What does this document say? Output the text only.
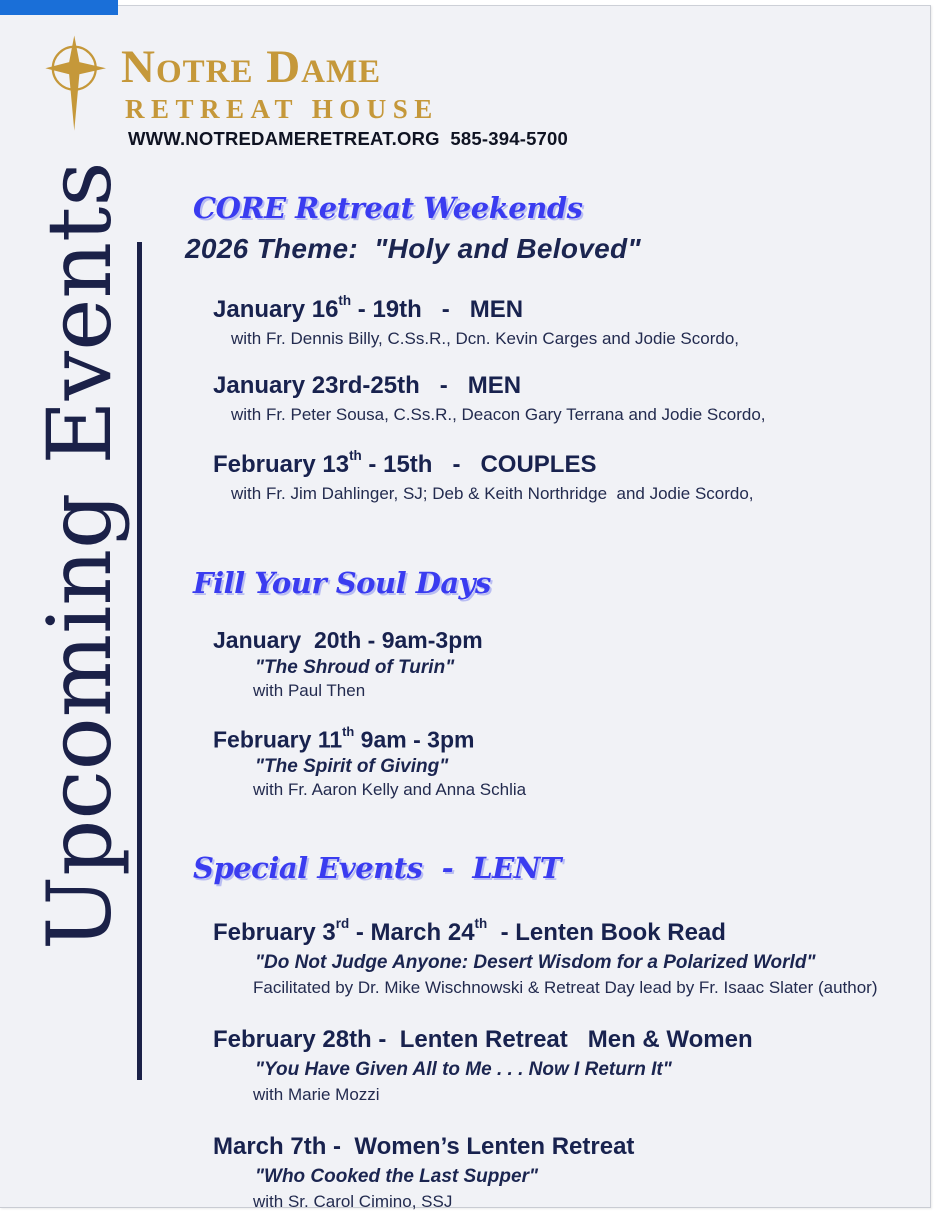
Notre Dame
RETREAT HOUSE
WWW.NOTREDAMERETREAT.ORG  585-394-5700
Upcoming Events CORE Retreat Weekends
2026 Theme:  "Holy and Beloved"
January 16th - 19th   -   MEN
with Fr. Dennis Billy, C.Ss.R., Dcn. Kevin Carges and Jodie Scordo,
January 23rd-25th   -   MEN
with Fr. Peter Sousa, C.Ss.R., Deacon Gary Terrana and Jodie Scordo,
February 13th - 15th   -   COUPLES
with Fr. Jim Dahlinger, SJ; Deb & Keith Northridge  and Jodie Scordo,
Fill Your Soul Days
January  20th - 9am-3pm
"The Shroud of Turin"
with Paul Then
February 11th 9am - 3pm
"The Spirit of Giving"
with Fr. Aaron Kelly and Anna Schlia
Special Events  -  LENT
February 3rd - March 24th  - Lenten Book Read
"Do Not Judge Anyone: Desert Wisdom for a Polarized World"
Facilitated by Dr. Mike Wischnowski & Retreat Day lead by Fr. Isaac Slater (author)
February 28th -  Lenten Retreat   Men & Women
"You Have Given All to Me . . . Now I Return It"
with Marie Mozzi
March 7th -  Women’s Lenten Retreat
"Who Cooked the Last Supper"
with Sr. Carol Cimino, SSJ
